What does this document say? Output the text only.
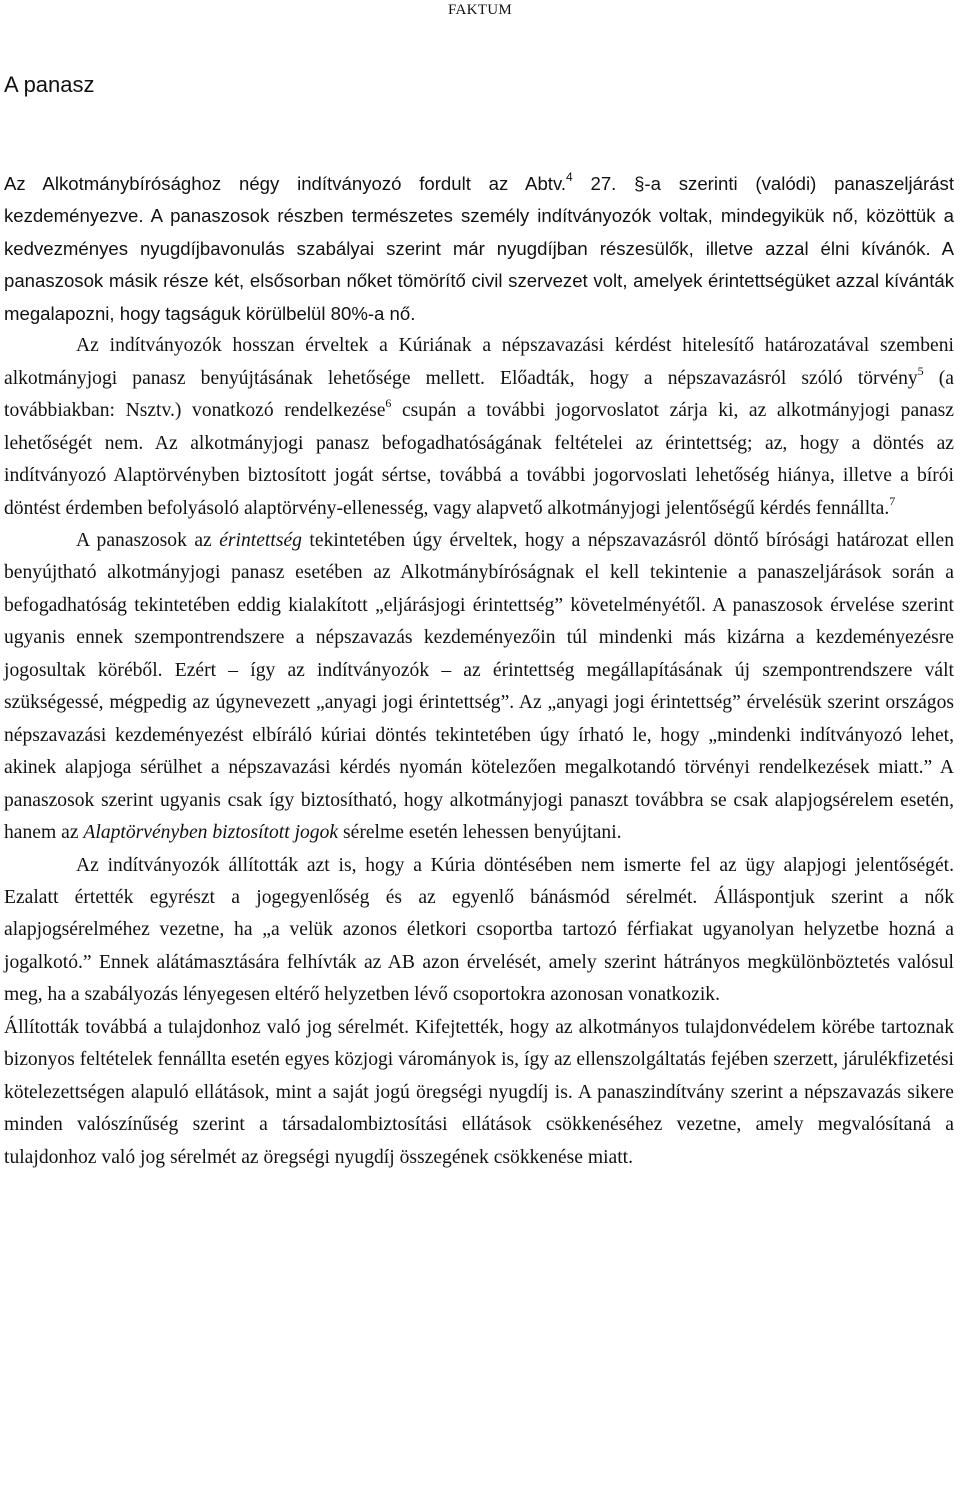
FAKTUM
A panasz

Az Alkotmánybírósághoz négy indítványozó fordult az Abtv.$^4$ 27. §-a szerinti (valódi) panaszeljárást kezdeményezve. A panaszosok részben természetes személy indítványozók voltak, mindegyikük nő, közöttük a kedvezményes nyugdíjbavonulás szabályai szerint már nyugdíjban részesülők, illetve azzal élni kívánók. A panaszosok másik része két, elsősorban nőket tömörítő civil szervezet volt, amelyek érintettségüket azzal kívánták megalapozni, hogy tagságuk körülbelül 80%-a nő.

Az indítványozók hosszan érveltek a Kúriának a népszavazási kérdést hitelesítő határozatával szembeni alkotmányjogi panasz benyújtásának lehetősége mellett. Előadták, hogy a népszavazásról szóló törvény$^5$ (a továbbiakban: Nsztv.) vonatkozó rendelkezése$^6$ csupán a további jogorvoslatot zárja ki, az alkotmányjogi panasz lehetőségét nem. Az alkotmányjogi panasz befogadhatóságának feltételei az érintettség; az, hogy a döntés az indítványozó Alaptörvényben biztosított jogát sértse, továbbá a további jogorvoslati lehetőség hiánya, illetve a bírói döntést érdemben befolyásoló alaptörvény-ellenesség, vagy alapvető alkotmányjogi jelentőségű kérdés fennállta.$^7$

A panaszosok az érintettség tekintetében úgy érveltek, hogy a népszavazásról döntő bírósági határozat ellen benyújtható alkotmányjogi panasz esetében az Alkotmánybíróságnak el kell tekintenie a panaszeljárások során a befogadhatóság tekintetében eddig kialakított „eljárásjogi érintettség” követelményétől. A panaszosok érvelése szerint ugyanis ennek szempontrendszere a népszavazás kezdeményezőin túl mindenki más kizárna a kezdeményezésre jogosultak köréből. Ezért – így az indítványozók – az érintettség megállapításának új szempontrendszere vált szükségessé, mégpedig az úgynevezett „anyagi jogi érintettség”. Az „anyagi jogi érintettség” érvelésük szerint országos népszavazási kezdeményezést elbíráló kúriai döntés tekintetében úgy írható le, hogy „mindenki indítványozó lehet, akinek alapjoga sérülhet a népszavazási kérdés nyomán kötelezően megalkotandó törvényi rendelkezések miatt.” A panaszosok szerint ugyanis csak így biztosítható, hogy alkotmányjogi panaszt továbbra se csak alapjogsérelem esetén, hanem az Alaptörvényben biztosított jogok sérelme esetén lehessen benyújtani.

Az indítványozók állították azt is, hogy a Kúria döntésében nem ismerte fel az ügy alapjogi jelentőségét. Ezalatt értették egyrészt a jogegyenlőség és az egyenlő bánásmód sérelmét. Álláspontjuk szerint a nők alapjogsérelméhez vezetne, ha „a velük azonos életkori csoportba tartozó férfiakat ugyanolyan helyzetbe hozná a jogalkotó.” Ennek alátámasztására felhívták az AB azon érvelését, amely szerint hátrányos megkülönböztetés valósul meg, ha a szabályozás lényegesen eltérő helyzetben lévő csoportokra azonosan vonatkozik.

Állították továbbá a tulajdonhoz való jog sérelmét. Kifejtették, hogy az alkotmányos tulajdonvédelem körébe tartoznak bizonyos feltételek fennállta esetén egyes közjogi várományok is, így az ellenszolgáltatás fejében szerzett, járulékfizetési kötelezettségen alapuló ellátások, mint a saját jogú öregségi nyugdíj is. A panaszindítvány szerint a népszavazás sikere minden valószínűség szerint a társadalombiztosítási ellátások csökkenéséhez vezetne, amely megvalósítaná a tulajdonhoz való jog sérelmét az öregségi nyugdíj összegének csökkenése miatt.
